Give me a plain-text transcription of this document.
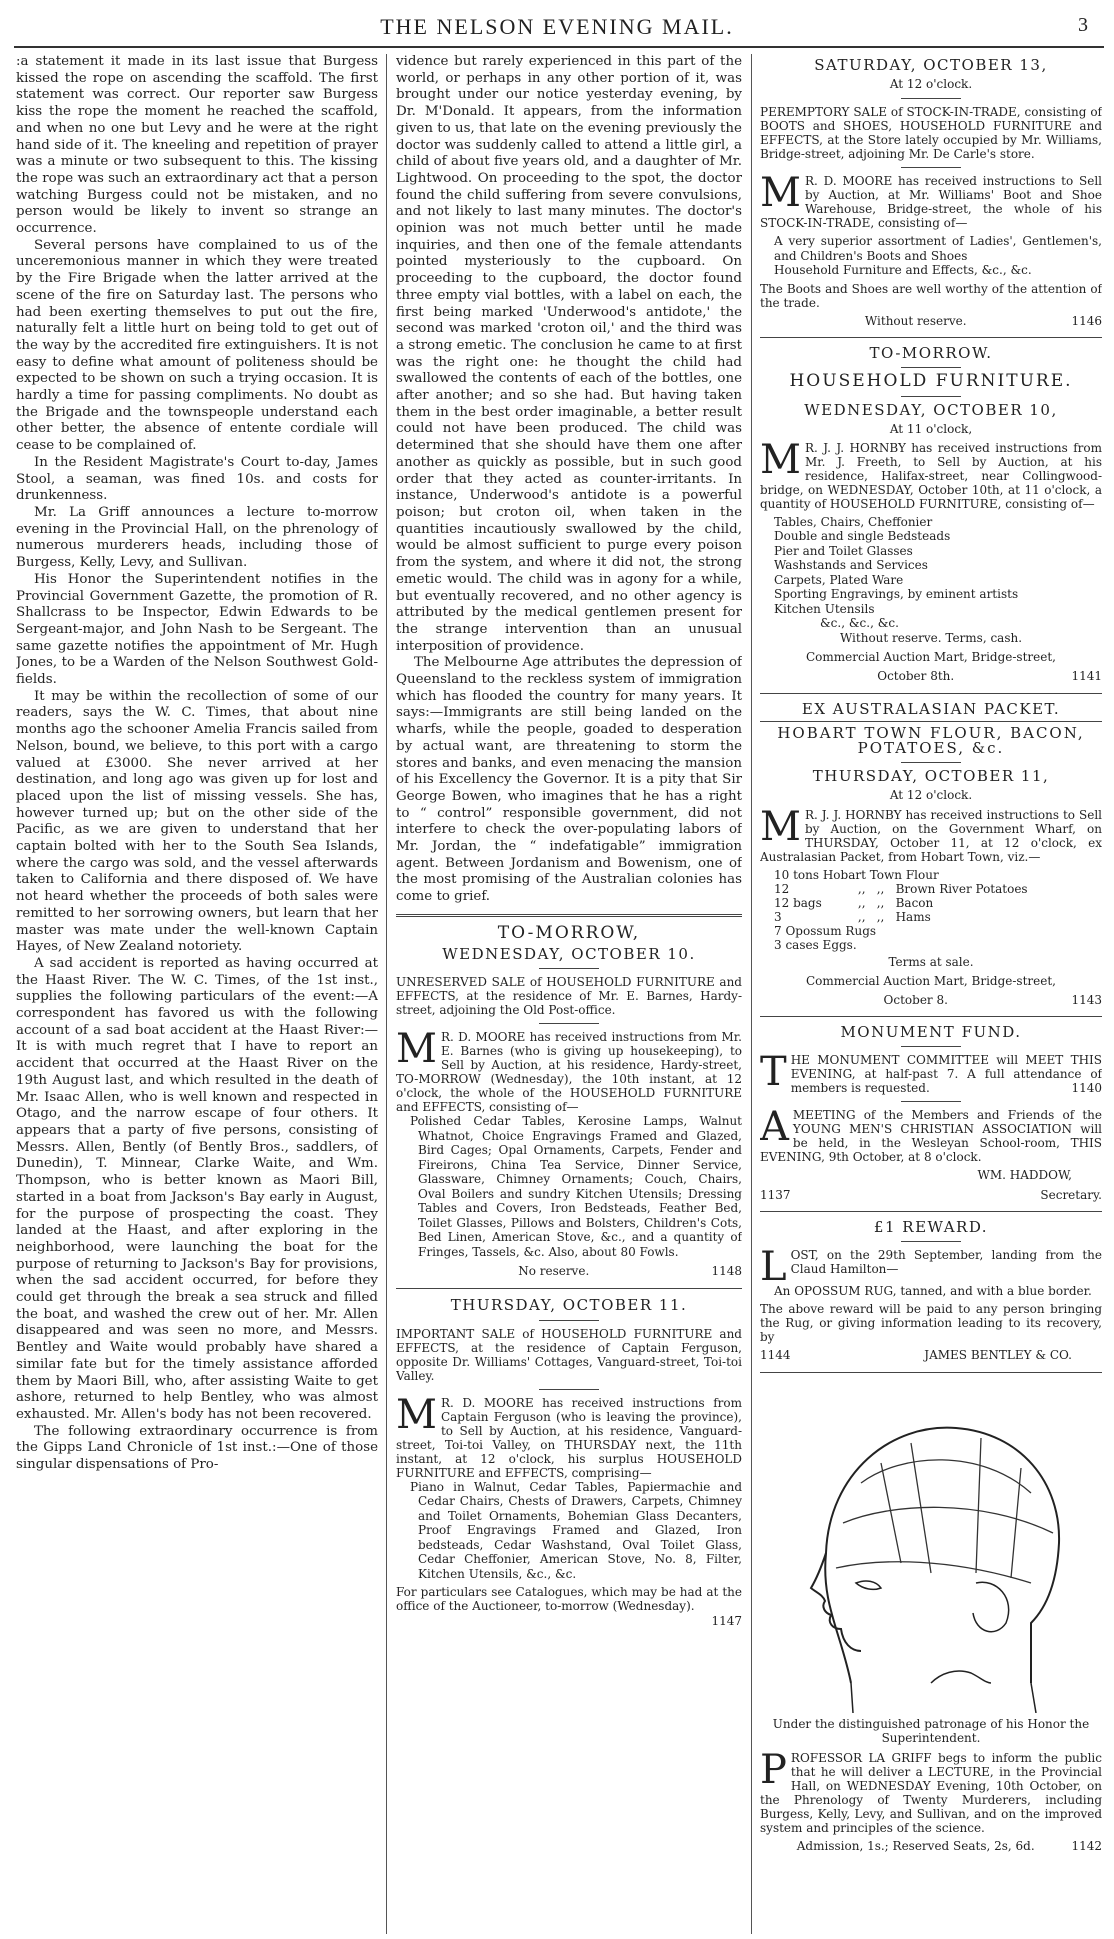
THE NELSON EVENING MAIL.	3

:a statement it made in its last issue that Burgess kissed the rope on ascending the scaffold. The first statement was correct. Our reporter saw Burgess kiss the rope the moment he reached the scaffold, and when no one but Levy and he were at the right hand side of it. The kneeling and repetition of prayer was a minute or two subsequent to this. The kissing the rope was such an extraordinary act that a person watching Burgess could not be mistaken, and no person would be likely to invent so strange an occurrence.

Several persons have complained to us of the unceremonious manner in which they were treated by the Fire Brigade when the latter arrived at the scene of the fire on Saturday last. The persons who had been exerting themselves to put out the fire, naturally felt a little hurt on being told to get out of the way by the accredited fire extinguishers. It is not easy to define what amount of politeness should be expected to be shown on such a trying occasion. It is hardly a time for passing compliments. No doubt as the Brigade and the townspeople understand each other better, the absence of entente cordiale will cease to be complained of.

In the Resident Magistrate's Court to-day, James Stool, a seaman, was fined 10s. and costs for drunkenness.

Mr. La Griff announces a lecture to-morrow evening in the Provincial Hall, on the phrenology of numerous murderers heads, including those of Burgess, Kelly, Levy, and Sullivan.

His Honor the Superintendent notifies in the Provincial Government Gazette, the promotion of R. Shallcrass to be Inspector, Edwin Edwards to be Sergeant-major, and John Nash to be Sergeant. The same gazette notifies the appointment of Mr. Hugh Jones, to be a Warden of the Nelson Southwest Gold-fields.

It may be within the recollection of some of our readers, says the W. C. Times, that about nine months ago the schooner Amelia Francis sailed from Nelson, bound, we believe, to this port with a cargo valued at £3000. She never arrived at her destination, and long ago was given up for lost and placed upon the list of missing vessels. She has, however turned up; but on the other side of the Pacific, as we are given to understand that her captain bolted with her to the South Sea Islands, where the cargo was sold, and the vessel afterwards taken to California and there disposed of. We have not heard whether the proceeds of both sales were remitted to her sorrowing owners, but learn that her master was mate under the well-known Captain Hayes, of New Zealand notoriety.

A sad accident is reported as having occurred at the Haast River. The W. C. Times, of the 1st inst., supplies the following particulars of the event:—A correspondent has favored us with the following account of a sad boat accident at the Haast River:—It is with much regret that I have to report an accident that occurred at the Haast River on the 19th August last, and which resulted in the death of Mr. Isaac Allen, who is well known and respected in Otago, and the narrow escape of four others. It appears that a party of five persons, consisting of Messrs. Allen, Bently (of Bently Bros., saddlers, of Dunedin), T. Minnear, Clarke Waite, and Wm. Thompson, who is better known as Maori Bill, started in a boat from Jackson's Bay early in August, for the purpose of prospecting the coast. They landed at the Haast, and after exploring in the neighborhood, were launching the boat for the purpose of returning to Jackson's Bay for provisions, when the sad accident occurred, for before they could get through the break a sea struck and filled the boat, and washed the crew out of her. Mr. Allen disappeared and was seen no more, and Messrs. Bentley and Waite would probably have shared a similar fate but for the timely assistance afforded them by Maori Bill, who, after assisting Waite to get ashore, returned to help Bentley, who was almost exhausted. Mr. Allen's body has not been recovered.

The following extraordinary occurrence is from the Gipps Land Chronicle of 1st inst.:—One of those singular dispensations of Pro-

vidence but rarely experienced in this part of the world, or perhaps in any other portion of it, was brought under our notice yesterday evening, by Dr. M'Donald. It appears, from the information given to us, that late on the evening previously the doctor was suddenly called to attend a little girl, a child of about five years old, and a daughter of Mr. Lightwood. On proceeding to the spot, the doctor found the child suffering from severe convulsions, and not likely to last many minutes. The doctor's opinion was not much better until he made inquiries, and then one of the female attendants pointed mysteriously to the cupboard. On proceeding to the cupboard, the doctor found three empty vial bottles, with a label on each, the first being marked 'Underwood's antidote,' the second was marked 'croton oil,' and the third was a strong emetic. The conclusion he came to at first was the right one: he thought the child had swallowed the contents of each of the bottles, one after another; and so she had. But having taken them in the best order imaginable, a better result could not have been produced. The child was determined that she should have them one after another as quickly as possible, but in such good order that they acted as counter-irritants. In instance, Underwood's antidote is a powerful poison; but croton oil, when taken in the quantities incautiously swallowed by the child, would be almost sufficient to purge every poison from the system, and where it did not, the strong emetic would. The child was in agony for a while, but eventually recovered, and no other agency is attributed by the medical gentlemen present for the strange intervention than an unusual interposition of providence.

The Melbourne Age attributes the depression of Queensland to the reckless system of immigration which has flooded the country for many years. It says:—Immigrants are still being landed on the wharfs, while the people, goaded to desperation by actual want, are threatening to storm the stores and banks, and even menacing the mansion of his Excellency the Governor. It is a pity that Sir George Bowen, who imagines that he has a right to “ control” responsible government, did not interfere to check the over-populating labors of Mr. Jordan, the “ indefatigable” immigration agent. Between Jordanism and Bowenism, one of the most promising of the Australian colonies has come to grief.

TO-MORROW,
WEDNESDAY, OCTOBER 10.

UNRESERVED SALE of HOUSEHOLD FURNITURE and EFFECTS, at the residence of Mr. E. Barnes, Hardy-street, adjoining the Old Post-office.

M R. D. MOORE has received instructions from Mr. E. Barnes (who is giving up housekeeping), to Sell by Auction, at his residence, Hardy-street, TO-MORROW (Wednesday), the 10th instant, at 12 o'clock, the whole of the HOUSEHOLD FURNITURE and EFFECTS, consisting of—

Polished Cedar Tables, Kerosine Lamps, Walnut Whatnot, Choice Engravings Framed and Glazed, Bird Cages; Opal Ornaments, Carpets, Fender and Fireirons, China Tea Service, Dinner Service, Glassware, Chimney Ornaments; Couch, Chairs, Oval Boilers and sundry Kitchen Utensils; Dressing Tables and Covers, Iron Bedsteads, Feather Bed, Toilet Glasses, Pillows and Bolsters, Children's Cots, Bed Linen, American Stove, &c., and a quantity of Fringes, Tassels, &c. Also, about 80 Fowls.

No reserve.	1148
THURSDAY, OCTOBER 11.

IMPORTANT SALE of HOUSEHOLD FURNITURE and EFFECTS, at the residence of Captain Ferguson, opposite Dr. Williams' Cottages, Vanguard-street, Toi-toi Valley.

M R. D. MOORE has received instructions from Captain Ferguson (who is leaving the province), to Sell by Auction, at his residence, Vanguard-street, Toi-toi Valley, on THURSDAY next, the 11th instant, at 12 o'clock, his surplus HOUSEHOLD FURNITURE and EFFECTS, comprising—

Piano in Walnut, Cedar Tables, Papiermachie and Cedar Chairs, Chests of Drawers, Carpets, Chimney and Toilet Ornaments, Bohemian Glass Decanters, Proof Engravings Framed and Glazed, Iron bedsteads, Cedar Washstand, Oval Toilet Glass, Cedar Cheffonier, American Stove, No. 8, Filter, Kitchen Utensils, &c., &c.

For particulars see Catalogues, which may be had at the office of the Auctioneer, to-morrow (Wednesday).

1147
SATURDAY, OCTOBER 13,
At 12 o'clock.

PEREMPTORY SALE of STOCK-IN-TRADE, consisting of BOOTS and SHOES, HOUSEHOLD FURNITURE and EFFECTS, at the Store lately occupied by Mr. Williams, Bridge-street, adjoining Mr. De Carle's store.

M R. D. MOORE has received instructions to Sell by Auction, at Mr. Williams' Boot and Shoe Warehouse, Bridge-street, the whole of his STOCK-IN-TRADE, consisting of—

A very superior assortment of Ladies', Gentlemen's, and Children's Boots and Shoes
Household Furniture and Effects, &c., &c.

The Boots and Shoes are well worthy of the attention of the trade.

Without reserve.	1146
TO-MORROW.
HOUSEHOLD FURNITURE.
WEDNESDAY, OCTOBER 10,
At 11 o'clock,

M R. J. J. HORNBY has received instructions from Mr. J. Freeth, to Sell by Auction, at his residence, Halifax-street, near Collingwood-bridge, on WEDNESDAY, October 10th, at 11 o'clock, a quantity of HOUSEHOLD FURNITURE, consisting of—

Tables, Chairs, Cheffonier
Double and single Bedsteads
Pier and Toilet Glasses
Washstands and Services
Carpets, Plated Ware
Sporting Engravings, by eminent artists
Kitchen Utensils
&c., &c., &c.
Without reserve. Terms, cash.
Commercial Auction Mart, Bridge-street,
October 8th.	1141
EX AUSTRALASIAN PACKET.
HOBART TOWN FLOUR, BACON, POTATOES, &c.
THURSDAY, OCTOBER 11,
At 12 o'clock.

M R. J. J. HORNBY has received instructions to Sell by Auction, on the Government Wharf, on THURSDAY, October 11, at 12 o'clock, ex Australasian Packet, from Hobart Town, viz.—

10 tons Hobart Town Flour			
12	,,	,,	Brown River Potatoes
12 bags	,,	,,	Bacon
3	,,	,,	Hams
7 Opossum Rugs			
3 cases Eggs.			
Terms at sale.
Commercial Auction Mart, Bridge-street,
October 8.	1143
MONUMENT FUND.

THE MONUMENT COMMITTEE will MEET THIS EVENING, at half-past 7. A full attendance of members is requested.	1140

AMEETING of the Members and Friends of the YOUNG MEN'S CHRISTIAN ASSOCIATION will be held, in the Wesleyan School-room, THIS EVENING, 9th October, at 8 o'clock.

WM. HADDOW,
1137	Secretary.
£1 REWARD.

LOST, on the 29th September, landing from the Claud Hamilton—

An OPOSSUM RUG, tanned, and with a blue border.

The above reward will be paid to any person bringing the Rug, or giving information leading to its recovery, by

1144	JAMES BENTLEY & CO.
Under the distinguished patronage of his Honor the Superintendent.

PROFESSOR LA GRIFF begs to inform the public that he will deliver a LECTURE, in the Provincial Hall, on WEDNESDAY Evening, 10th October, on the Phrenology of Twenty Murderers, including Burgess, Kelly, Levy, and Sullivan, and on the improved system and principles of the science.

Admission, 1s.; Reserved Seats, 2s, 6d.	1142
